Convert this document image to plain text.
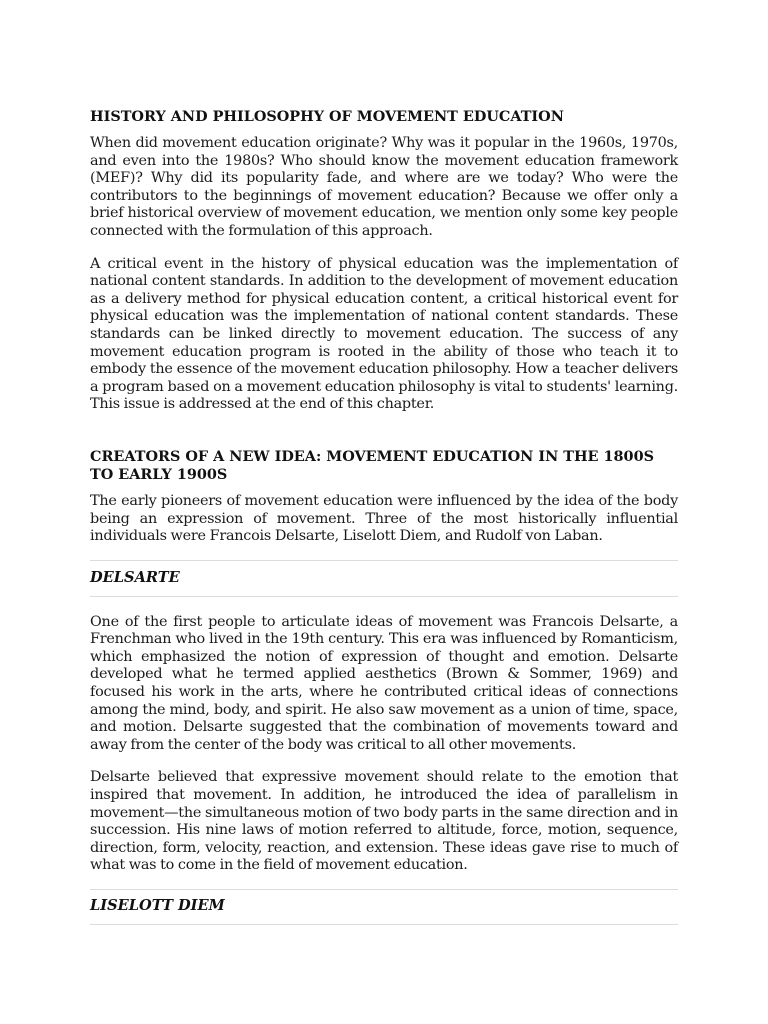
HISTORY AND PHILOSOPHY OF MOVEMENT EDUCATION

When did movement education originate? Why was it popular in the 1960s, 1970s, and even into the 1980s? Who should know the movement education framework (MEF)? Why did its popularity fade, and where are we today? Who were the contributors to the beginnings of movement education? Because we offer only a brief historical overview of movement education, we mention only some key people connected with the formulation of this approach.

A critical event in the history of physical education was the implementation of national content standards. In addition to the development of movement education as a delivery method for physical education content, a critical historical event for physical education was the implementation of national content standards. These standards can be linked directly to movement education. The success of any movement education program is rooted in the ability of those who teach it to embody the essence of the movement education philosophy. How a teacher delivers a program based on a movement education philosophy is vital to students' learning. This issue is addressed at the end of this chapter.

CREATORS OF A NEW IDEA: MOVEMENT EDUCATION IN THE 1800S TO EARLY 1900S

The early pioneers of movement education were influenced by the idea of the body being an expression of movement. Three of the most historically influential individuals were Francois Delsarte, Liselott Diem, and Rudolf von Laban.

DELSARTE

One of the first people to articulate ideas of movement was Francois Delsarte, a Frenchman who lived in the 19th century. This era was influenced by Romanticism, which emphasized the notion of expression of thought and emotion. Delsarte developed what he termed applied aesthetics (Brown & Sommer, 1969) and focused his work in the arts, where he contributed critical ideas of connections among the mind, body, and spirit. He also saw movement as a union of time, space, and motion. Delsarte suggested that the combination of movements toward and away from the center of the body was critical to all other movements.

Delsarte believed that expressive movement should relate to the emotion that inspired that movement. In addition, he introduced the idea of parallelism in movement—the simultaneous motion of two body parts in the same direction and in succession. His nine laws of motion referred to altitude, force, motion, sequence, direction, form, velocity, reaction, and extension. These ideas gave rise to much of what was to come in the field of movement education.

LISELOTT DIEM
